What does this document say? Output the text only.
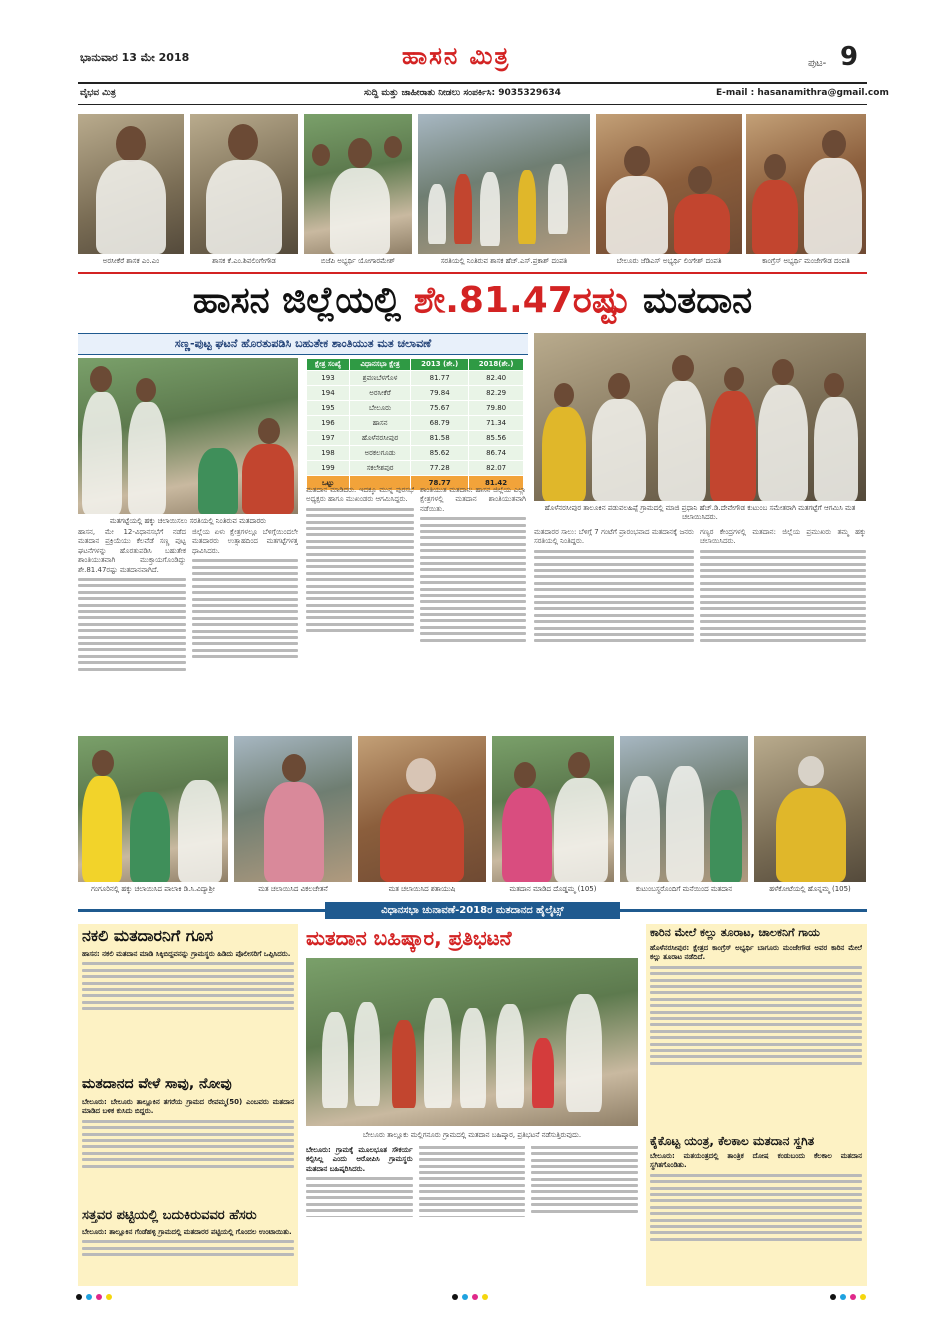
ಭಾನುವಾರ 13 ಮೇ 2018	ಹಾಸನ ಮಿತ್ರ	ಪುಟ- 9
ವೈಭವ ಮಿತ್ರ	ಸುದ್ದಿ ಮತ್ತು ಜಾಹೀರಾತು ನೀಡಲು ಸಂಪರ್ಕಿಸಿ: 9035329634	E-mail : hasanamithra@gmail.com
ಅರಸೀಕೆರೆ ಶಾಸಕ ಎಂ.ಎಂ	ಶಾಸಕ ಕೆ.ಎಂ.ಶಿವಲಿಂಗೇಗೌಡ	ಬಿಜೆಪಿ ಅಭ್ಯರ್ಥಿ ಯೋಗಾರಮೇಶ್	ಸರತಿಯಲ್ಲಿ ನಿಂತಿರುವ ಶಾಸಕ ಹೆಚ್.ಎಸ್.ಪ್ರಕಾಶ್ ದಂಪತಿ	ಬೇಲೂರು ಜೆಡಿಎಸ್ ಅಭ್ಯರ್ಥಿ ಲಿಂಗೇಶ್ ದಂಪತಿ	ಕಾಂಗ್ರೆಸ್ ಅಭ್ಯರ್ಥಿ ಮಂಜೇಗೌಡ ದಂಪತಿ
ಹಾಸನ ಜಿಲ್ಲೆಯಲ್ಲಿ ಶೇ.81.47ರಷ್ಟು ಮತದಾನ
ಸಣ್ಣ-ಪುಟ್ಟ ಘಟನೆ ಹೊರತುಪಡಿಸಿ ಬಹುತೇಕ ಶಾಂತಿಯುತ ಮತ ಚಲಾವಣೆ
ಮತಗಟ್ಟೆಯಲ್ಲಿ ಹಕ್ಕು ಚಲಾಯಿಸಲು ಸರತಿಯಲ್ಲಿ ನಿಂತಿರುವ ಮತದಾರರು
ಕ್ಷೇತ್ರ ಸಂಖ್ಯೆ	ವಿಧಾನಸಭಾ ಕ್ಷೇತ್ರ	2013 (ಶೇ.)	2018(ಶೇ.)
193	ಶ್ರವಣಬೆಳಗೊಳ	81.77	82.40
194	ಅರಸೀಕೆರೆ	79.84	82.29
195	ಬೇಲೂರು	75.67	79.80
196	ಹಾಸನ	68.79	71.34
197	ಹೊಳೆನರಸೀಪುರ	81.58	85.56
198	ಅರಕಲಗೂಡು	85.62	86.74
199	ಸಕಲೇಶಪುರ	77.28	82.07
ಒಟ್ಟು		78.77	81.42
ಹೊಳೆನರಸೀಪುರ ತಾಲೂಕಿನ ಪಡುವಲಹಿಪ್ಪೆ ಗ್ರಾಮದಲ್ಲಿ ಮಾಜಿ ಪ್ರಧಾನಿ ಹೆಚ್.ಡಿ.ದೇವೇಗೌಡ ಕುಟುಂಬ ಸಮೇತರಾಗಿ ಮತಗಟ್ಟೆಗೆ ಆಗಮಿಸಿ ಮತ ಚಲಾಯಿಸಿದರು.
ಹಾಸನ, ಮೇ 12-ವಿಧಾನಸಭೆಗೆ ನಡೆದ ಮತದಾನ ಪ್ರಕ್ರಿಯೆಯು ಕೆಲವೆಡೆ ಸಣ್ಣ ಪುಟ್ಟ ಘಟನೆಗಳನ್ನು ಹೊರತುಪಡಿಸಿ ಬಹುತೇಕ ಶಾಂತಿಯುತವಾಗಿ ಮುಕ್ತಾಯಗೊಂಡಿದ್ದು ಶೇ.81.47ರಷ್ಟು ಮತದಾನವಾಗಿದೆ.
ಜಿಲ್ಲೆಯ ಏಳು ಕ್ಷೇತ್ರಗಳಲ್ಲೂ ಬೆಳಿಗ್ಗೆಯಿಂದಲೇ ಮತದಾರರು ಉತ್ಸಾಹದಿಂದ ಮತಗಟ್ಟೆಗಳತ್ತ ಧಾವಿಸಿದರು.
ಮತದಾನ ಮಾಡಿದರು. ಇದಕ್ಕೂ ಮುನ್ನ ಪುರಸಭೆ ಅಧ್ಯಕ್ಷರು ಹಾಗೂ ಮುಖಂಡರು ಆಗಮಿಸಿದ್ದರು.
ಶಾಂತಿಯುತ ಮತದಾನ: ಹಾಸನ ಜಿಲ್ಲೆಯ ಎಲ್ಲಾ ಕ್ಷೇತ್ರಗಳಲ್ಲಿ ಮತದಾನ ಶಾಂತಿಯುತವಾಗಿ ನಡೆಯಿತು.
ಮತದಾರರ ಸಾಲು: ಬೆಳಿಗ್ಗೆ 7 ಗಂಟೆಗೆ ಪ್ರಾರಂಭವಾದ ಮತದಾನಕ್ಕೆ ಜನರು ಸರತಿಯಲ್ಲಿ ನಿಂತಿದ್ದರು.
ಗಣ್ಯರ ಕೇಂದ್ರಗಳಲ್ಲಿ ಮತದಾನ: ಜಿಲ್ಲೆಯ ಪ್ರಮುಖರು ತಮ್ಮ ಹಕ್ಕು ಚಲಾಯಿಸಿದರು.
ಗಂಗೂರಿನಲ್ಲಿ ಹಕ್ಕು ಚಲಾಯಿಸಿದ ಪಾಲಾಕಿ ಡಿ.ಸಿ.ವಿದ್ಯಾಶ್ರೀ	ಮತ ಚಲಾಯಿಸಿದ ವಿಕಲಚೇತನೆ	ಮತ ಚಲಾಯಿಸಿದ ಶತಾಯುಷಿ	ಮತದಾನ ಮಾಡಿದ ದೊಡ್ಡಮ್ಮ (105)	ಕುಟುಂಬಸ್ಥರೊಂದಿಗೆ ಮನೆಯಿಂದ ಮತದಾನ	ಹಳೆಕೋಟೆಯಲ್ಲಿ ಹೊನ್ನಮ್ಮ (105)
ವಿಧಾನಸಭಾ ಚುನಾವಣೆ-2018ರ ಮತದಾನದ ಹೈಲೈಟ್ಸ್
ನಕಲಿ ಮತದಾರನಿಗೆ ಗೂಸ
ಹಾಸನ: ನಕಲಿ ಮತದಾನ ಮಾಡಿ ಸಿಕ್ಕಿಬಿದ್ದವನನ್ನು ಗ್ರಾಮಸ್ಥರು ಹಿಡಿದು ಪೊಲೀಸರಿಗೆ ಒಪ್ಪಿಸಿದರು.
ಮತದಾನದ ವೇಳೆ ಸಾವು, ನೋವು
ಬೇಲೂರು: ಬೇಲೂರು ತಾಲ್ಲೂಕಿನ ತಗರೆಯ ಗ್ರಾಮದ ರೇವಮ್ಮ(50) ಎಂಬವರು ಮತದಾನ ಮಾಡಿದ ಬಳಿಕ ಕುಸಿದು ಬಿದ್ದರು.
ಸತ್ತವರ ಪಟ್ಟಿಯಲ್ಲಿ ಬದುಕಿರುವವರ ಹೆಸರು
ಬೇಲೂರು: ತಾಲ್ಲೂಕಿನ ಗೆಂಡೆಹಳ್ಳಿ ಗ್ರಾಮದಲ್ಲಿ ಮತದಾರರ ಪಟ್ಟಿಯಲ್ಲಿ ಗೊಂದಲ ಉಂಟಾಯಿತು.
ಮತದಾನ ಬಹಿಷ್ಕಾರ, ಪ್ರತಿಭಟನೆ
ಬೇಲೂರು ತಾಲ್ಲೂಕು ಮಲ್ಲಿಗನೂರು ಗ್ರಾಮದಲ್ಲಿ ಮತದಾನ ಬಹಿಷ್ಕಾರ, ಪ್ರತಿಭಟನೆ ನಡೆಸುತ್ತಿರುವುದು.
ಬೇಲೂರು: ಗ್ರಾಮಕ್ಕೆ ಮೂಲಭೂತ ಸೌಕರ್ಯ ಕಲ್ಪಿಸಿಲ್ಲ ಎಂದು ಆರೋಪಿಸಿ ಗ್ರಾಮಸ್ಥರು ಮತದಾನ ಬಹಿಷ್ಕರಿಸಿದರು.
ಕಾರಿನ ಮೇಲೆ ಕಲ್ಲು ತೂರಾಟ, ಚಾಲಕನಿಗೆ ಗಾಯ
ಹೊಳೆನರಸೀಪುರ: ಕ್ಷೇತ್ರದ ಕಾಂಗ್ರೆಸ್ ಅಭ್ಯರ್ಥಿ ಬಾಗೂರು ಮಂಜೇಗೌಡ ಅವರ ಕಾರಿನ ಮೇಲೆ ಕಲ್ಲು ತೂರಾಟ ನಡೆದಿದೆ.
ಕೈಕೊಟ್ಟ ಯಂತ್ರ, ಕೆಲಕಾಲ ಮತದಾನ ಸ್ಥಗಿತ
ಬೇಲೂರು: ಮತಯಂತ್ರದಲ್ಲಿ ತಾಂತ್ರಿಕ ದೋಷ ಕಂಡುಬಂದು ಕೆಲಕಾಲ ಮತದಾನ ಸ್ಥಗಿತಗೊಂಡಿತು.
